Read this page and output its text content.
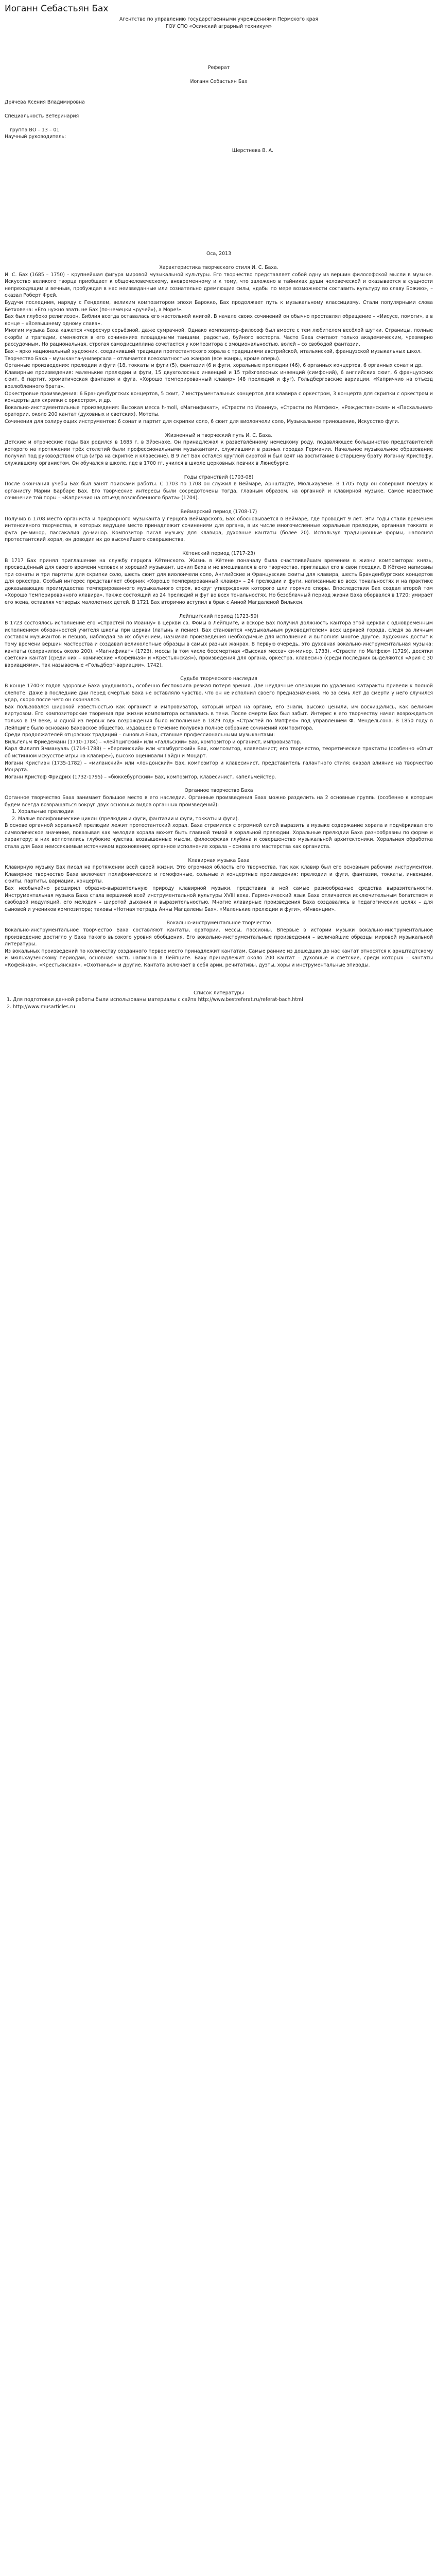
Иоганн Себастьян Бах

Агентство по управлению государственными учреждениями Пермского края

ГОУ СПО «Осинский аграрный техникум»

Реферат

Иоганн Себастьян Бах

Дрячева Ксения Владимировна

Специальность Ветеринария

группа ВО – 13 – 01

Научный руководитель:

Шерстнева В. А.

Оса, 2013

Характеристика творческого стиля И. С. Баха.

И. С. Бах (1685 – 1750) – крупнейшая фигура мировой музыкальной культуры. Его творчество представляет собой одну из вершин философской мысли в музыке. Искусство великого творца приобщает к общечеловеческому, вневременному и к тому, что заложено в тайниках души человеческой и оказывается в сущности непреходящим и вечным, пробуждая в нас неизведанные или сознательно дремлющие силы, «дабы по мере возможности составить культуру во славу Божию», – сказал Роберт Фрей.

Будучи последним, наряду с Генделем, великим композитором эпохи Барокко, Бах продолжает путь к музыкальному классицизму. Стали популярными слова Бетховена: «Его нужно звать не Бах (по-немецки «ручей»), а Море!».

Бах был глубоко религиозен. Библия всегда оставалась его настольной книгой. В начале своих сочинений он обычно проставлял обращение – «Иисусе, помоги», а в конце – «Всевышнему одному слава».

Многим музыка Баха кажется «чересчур серьёзной, даже сумрачной. Однако композитор-философ был вместе с тем любителем весёлой шутки. Страницы, полные скорби и трагедии, сменяются в его сочинениях площадными танцами, радостью, буйного восторга. Часто Баха считают только академическим, чрезмерно рассудочным. Но рациональная, строгая самодисциплина сочетается у композитора с эмоциональностью, волей – со свободой фантазии.

Бах – ярко национальный художник, соединивший традиции протестантского хорала с традициями австрийской, итальянской, французской музыкальных школ.

Творчество Баха – музыканта-универсала – отличается всеохватностью жанров (все жанры, кроме оперы).

Органные произведения: прелюдии и фуги (18, токкаты и фуги (5), фантазии (6 и фуги, хоральные прелюдии (46), 6 органных концертов, 6 органных сонат и др.

Клавирные произведения: маленькие прелюдии и фуги, 15 двухголосных инвенций и 15 трёхголосных инвенций (симфоний), 6 английских сюит, 6 французских сюит, 6 партит, хроматическая фантазия и фуга, «Хорошо темперированный клавир» (48 прелюдий и фуг), Гольдберговские вариации, «Каприччио на отъезд возлюбленного брата».

Оркестровые произведения: 6 Бранденбургских концертов, 5 сюит, 7 инструментальных концертов для клавира с оркестром, 3 концерта для скрипки с оркестром и концерты для скрипки с оркестром, и др.

Вокально-инструментальные произведения: Высокая месса h-moll, «Магнификат», «Страсти по Иоанну», «Страсти по Матфею», «Рождественская» и «Пасхальная» оратории, около 200 кантат (духовных и светских), Мотеты.

Сочинения для солирующих инструментов: 6 сонат и партит для скрипки соло, 6 сюит для виолончели соло, Музыкальное приношение, Искусство фуги.

Жизненный и творческий путь И. С. Баха.

Детские и отроческие годы Бах родился в 1685 г. в Эйзенахе. Он принадлежал к разветвлённому немецкому роду, подавляющее большинство представителей которого на протяжении трёх столетий были профессиональными музыкантами, служившими в разных городах Германии. Начальное музыкальное образование получил под руководством отца (игра на скрипке и клавесине). В 9 лет Бах остался круглой сиротой и был взят на воспитание в старшему брату Иоганну Кристофу, служившему органистом. Он обучался в школе, где в 1700 гг. учился в школе церковных певчих в Люнебурге.

Годы странствий (1703-08)

После окончания учебы Бах был занят поисками работы. С 1703 по 1708 он служил в Веймаре, Арнштадте, Мюльхаузене. В 1705 году он совершил поездку к органисту Марии Барбаре Бах. Его творческие интересы были сосредоточены тогда, главным образом, на органной и клавирной музыке. Самое известное сочинение той поры – «Каприччио на отъезд возлюбленного брата» (1704).

Веймарский период (1708-17)

Получив в 1708 место органиста и придворного музыканта у герцога Веймарского, Бах обосновывается в Веймаре, где проводит 9 лет. Эти годы стали временем интенсивного творчества, в которых ведущее место принадлежит сочинениям для органа, в их числе многочисленные хоральные прелюдии, органная токката и фуга ре-минор, пассакалия до-минор. Композитор писал музыку для клавира, духовные кантаты (более 20). Используя традиционные формы, наполнял протестантский хорал, он доводил их до высочайшего совершенства.

Кётенский период (1717-23)

В 1717 Бах принял приглашение на службу герцога Кётенского. Жизнь в Кётене поначалу была счастливейшим временем в жизни композитора: князь, просвещённый для своего времени человек и хороший музыкант, ценил Баха и не вмешивался в его творчество, приглашал его в свои поездки. В Кётене написаны три сонаты и три партиты для скрипки соло, шесть сюит для виолончели соло, Английские и Французские сюиты для клавира, шесть Бранденбургских концертов для оркестра. Особый интерес представляет сборник «Хорошо темперированный клавир» – 24 прелюдии и фуги, написанные во всех тональностях и на практике доказывающие преимущества темперированного музыкального строя, вокруг утверждения которого шли горячие споры. Впоследствии Бах создал второй том «Хорошо темперированного клавира», также состоящий из 24 прелюдий и фуг во всех тональностях. Но безоблачный период жизни Баха оборвался в 1720: умирает его жена, оставляя четверых малолетних детей. В 1721 Бах вторично вступил в брак с Анной Магдаленой Вилькен.

Лейпцигский период (1723-50)

В 1723 состоялось исполнение его «Страстей по Иоанну» в церкви св. Фомы в Лейпциге, и вскоре Бах получил должность кантора этой церкви с одновременным исполнением обязанностей учителя школы при церкви (латынь и пение). Бах становится «музыкальным руководителем» всех церквей города, следя за личным составом музыкантов и певцов, наблюдая за их обучением, назначая произведения необходимые для исполнения и выполняя многое другое. Художник достиг к тому времени вершин мастерства и создавал великолепные образцы в самых разных жанрах. В первую очередь, это духовная вокально-инструментальная музыка: кантаты (сохранилось около 200), «Магнификат» (1723), мессы (в том числе бессмертная «Высокая месса» си-минор, 1733), «Страсти по Матфею» (1729), десятки светских кантат (среди них – комические «Кофейная» и «Крестьянская»), произведения для органа, оркестра, клавесина (среди последних выделяются «Ария с 30 вариациями», так называемые «Гольдберг-вариации», 1742).

Судьба творческого наследия

В конце 1740-х годов здоровье Баха ухудшилось, особенно беспокоила резкая потеря зрения. Две неудачные операции по удалению катаракты привели к полной слепоте. Даже в последние дни перед смертью Баха не оставляло чувство, что он не исполнил своего предназначения. Но за семь лет до смерти у него случился удар, скоро после чего он скончался.

Бах пользовался широкой известностью как органист и импровизатор, который играл на органе, его знали, высоко ценили, им восхищались, как великим виртуозом. Его композиторские творения при жизни композитора оставались в тени. После смерти Бах был забыт. Интерес к его творчеству начал возрождаться только в 19 веке, и одной из первых вех возрождения было исполнение в 1829 году «Страстей по Матфею» под управлением Ф. Мендельсона. В 1850 году в Лейпциге было основано Баховское общество, издавшее в течение полувека полное собрание сочинений композитора.

Среди продолжателей отцовских традиций – сыновья Баха, ставшие профессиональными музыкантами:

Вильгельм Фриедеманн (1710-1784) – «лейпцигский» или «галльский» Бах, композитор и органист, импровизатор.

Карл Филипп Эммануэль (1714-1788) – «берлинский» или «гамбургский» Бах, композитор, клавесинист; его творчество, теоретические трактаты (особенно «Опыт об истинном искусстве игры на клавире»), высоко оценивали Гайдн и Моцарт.

Иоганн Кристиан (1735-1782) – «миланский» или «лондонский» Бах, композитор и клавесинист, представитель галантного стиля; оказал влияние на творчество Моцарта.

Иоганн Кристоф Фридрих (1732-1795) – «бюккебургский» Бах, композитор, клавесинист, капельмейстер.

Органное творчество Баха

Органное творчество Баха занимает большое место в его наследии. Органные произведения Баха можно разделить на 2 основные группы (особенно к которым будем всегда возвращаться вокруг двух основных видов органных произведений):

1. Хоральные прелюдии
2. Малые полифонические циклы (прелюдии и фуги, фантазии и фуги, токкаты и фуги).

В основе органной хоральной прелюдии лежит протестантский хорал. Баха стремился с огромной силой выразить в музыке содержание хорала и подчёркивал его символическое значение, показывая как мелодия хорала может быть главной темой в хоральной прелюдии. Хоральные прелюдии Баха разнообразны по форме и характеру; в них воплотились глубокие чувства, возвышенные мысли, философская глубина и совершенство музыкальной архитектоники. Хоральная обработка стала для Баха неиссякаемым источником вдохновения; органное исполнение хорала – основа его мастерства как органиста.

Клавирная музыка Баха

Клавирную музыку Бах писал на протяжении всей своей жизни. Это огромная область его творчества, так как клавир был его основным рабочим инструментом. Клавирное творчество Баха включает полифонические и гомофонные, сольные и концертные произведения: прелюдии и фуги, фантазии, токкаты, инвенции, сюиты, партиты, вариации, концерты.

Бах необычайно расширил образно-выразительную природу клавирной музыки, представив в ней самые разнообразные средства выразительности. Инструментальная музыка Баха стала вершиной всей инструментальной культуры XVIII века. Гармонический язык Баха отличается исключительным богатством и свободой модуляций, его мелодия – широтой дыхания и выразительностью. Многие клавирные произведения Баха создавались в педагогических целях – для сыновей и учеников композитора; таковы «Нотная тетрадь Анны Магдалены Бах», «Маленькие прелюдии и фуги», «Инвенции».

Вокально-инструментальное творчество

Вокально-инструментальное творчество Баха составляют кантаты, оратории, мессы, пассионы. Впервые в истории музыки вокально-инструментальное произведение достигло у Баха такого высокого уровня обобщения. Его вокально-инструментальные произведения – величайшие образцы мировой музыкальной литературы.

Из вокальных произведений по количеству созданного первое место принадлежит кантатам. Самые ранние из дошедших до нас кантат относятся к арнштадтскому и мюльхаузенскому периодам, основная часть написана в Лейпциге. Баху принадлежит около 200 кантат – духовные и светские, среди которых – кантаты «Кофейная», «Крестьянская», «Охотничья» и другие. Кантата включает в себя арии, речитативы, дуэты, хоры и инструментальные эпизоды.

Список литературы

1. Для подготовки данной работы были использованы материалы с сайта http://www.bestreferat.ru/referat-bach.html
2. http://www.musarticles.ru
